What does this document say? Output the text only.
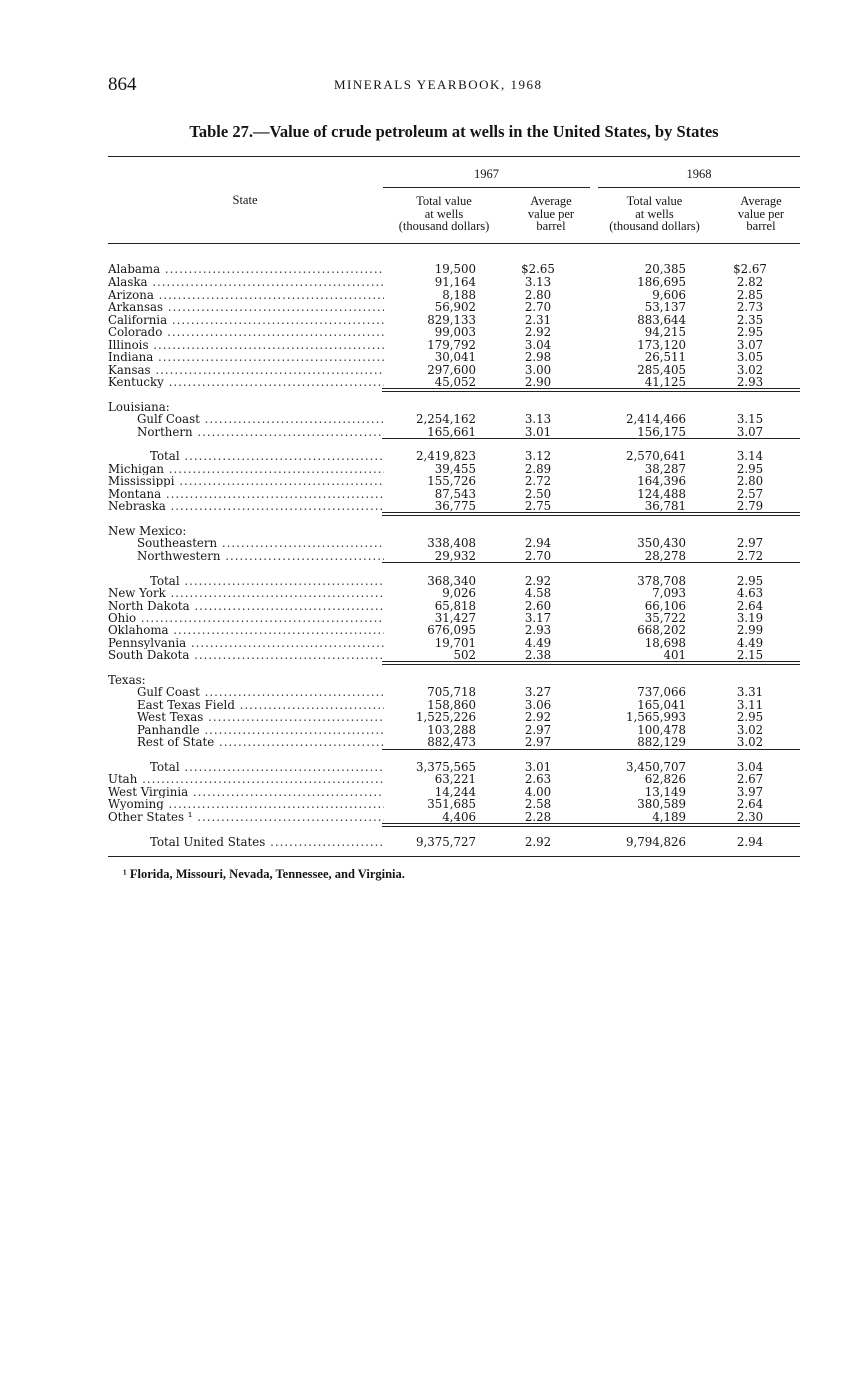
864	MINERALS YEARBOOK, 1968
Table 27.—Value of crude petroleum at wells in the United States, by States
1967	1968
State	Total value
at wells
(thousand dollars)
Average
value per
barrel
Total value
at wells
(thousand dollars)
Average
value per
barrel
Alabama .....	19,500	$2.65	20,385	$2.67
Alaska .....	91,164	3.13	186,695	2.82
Arizona .....	8,188	2.80	9,606	2.85
Arkansas .....	56,902	2.70	53,137	2.73
California .....	829,133	2.31	883,644	2.35
Colorado .....	99,003	2.92	94,215	2.95
Illinois .....	179,792	3.04	173,120	3.07
Indiana .....	30,041	2.98	26,511	3.05
Kansas .....	297,600	3.00	285,405	3.02
Kentucky .....	45,052	2.90	41,125	2.93
Louisiana:
Gulf Coast .....	2,254,162	3.13	2,414,466	3.15
Northern .....	165,661	3.01	156,175	3.07
Total .....	2,419,823	3.12	2,570,641	3.14
Michigan .....	39,455	2.89	38,287	2.95
Mississippi .....	155,726	2.72	164,396	2.80
Montana .....	87,543	2.50	124,488	2.57
Nebraska .....	36,775	2.75	36,781	2.79
New Mexico:
Southeastern .....	338,408	2.94	350,430	2.97
Northwestern .....	29,932	2.70	28,278	2.72
Total .....	368,340	2.92	378,708	2.95
New York .....	9,026	4.58	7,093	4.63
North Dakota .....	65,818	2.60	66,106	2.64
Ohio .....	31,427	3.17	35,722	3.19
Oklahoma .....	676,095	2.93	668,202	2.99
Pennsylvania .....	19,701	4.49	18,698	4.49
South Dakota .....	502	2.38	401	2.15
Texas:
Gulf Coast .....	705,718	3.27	737,066	3.31
East Texas Field .....	158,860	3.06	165,041	3.11
West Texas .....	1,525,226	2.92	1,565,993	2.95
Panhandle .....	103,288	2.97	100,478	3.02
Rest of State .....	882,473	2.97	882,129	3.02
Total .....	3,375,565	3.01	3,450,707	3.04
Utah .....	63,221	2.63	62,826	2.67
West Virginia .....	14,244	4.00	13,149	3.97
Wyoming .....	351,685	2.58	380,589	2.64
Other States ¹ .....	4,406	2.28	4,189	2.30
Total United States .....	9,375,727	2.92	9,794,826	2.94
¹ Florida, Missouri, Nevada, Tennessee, and Virginia.
